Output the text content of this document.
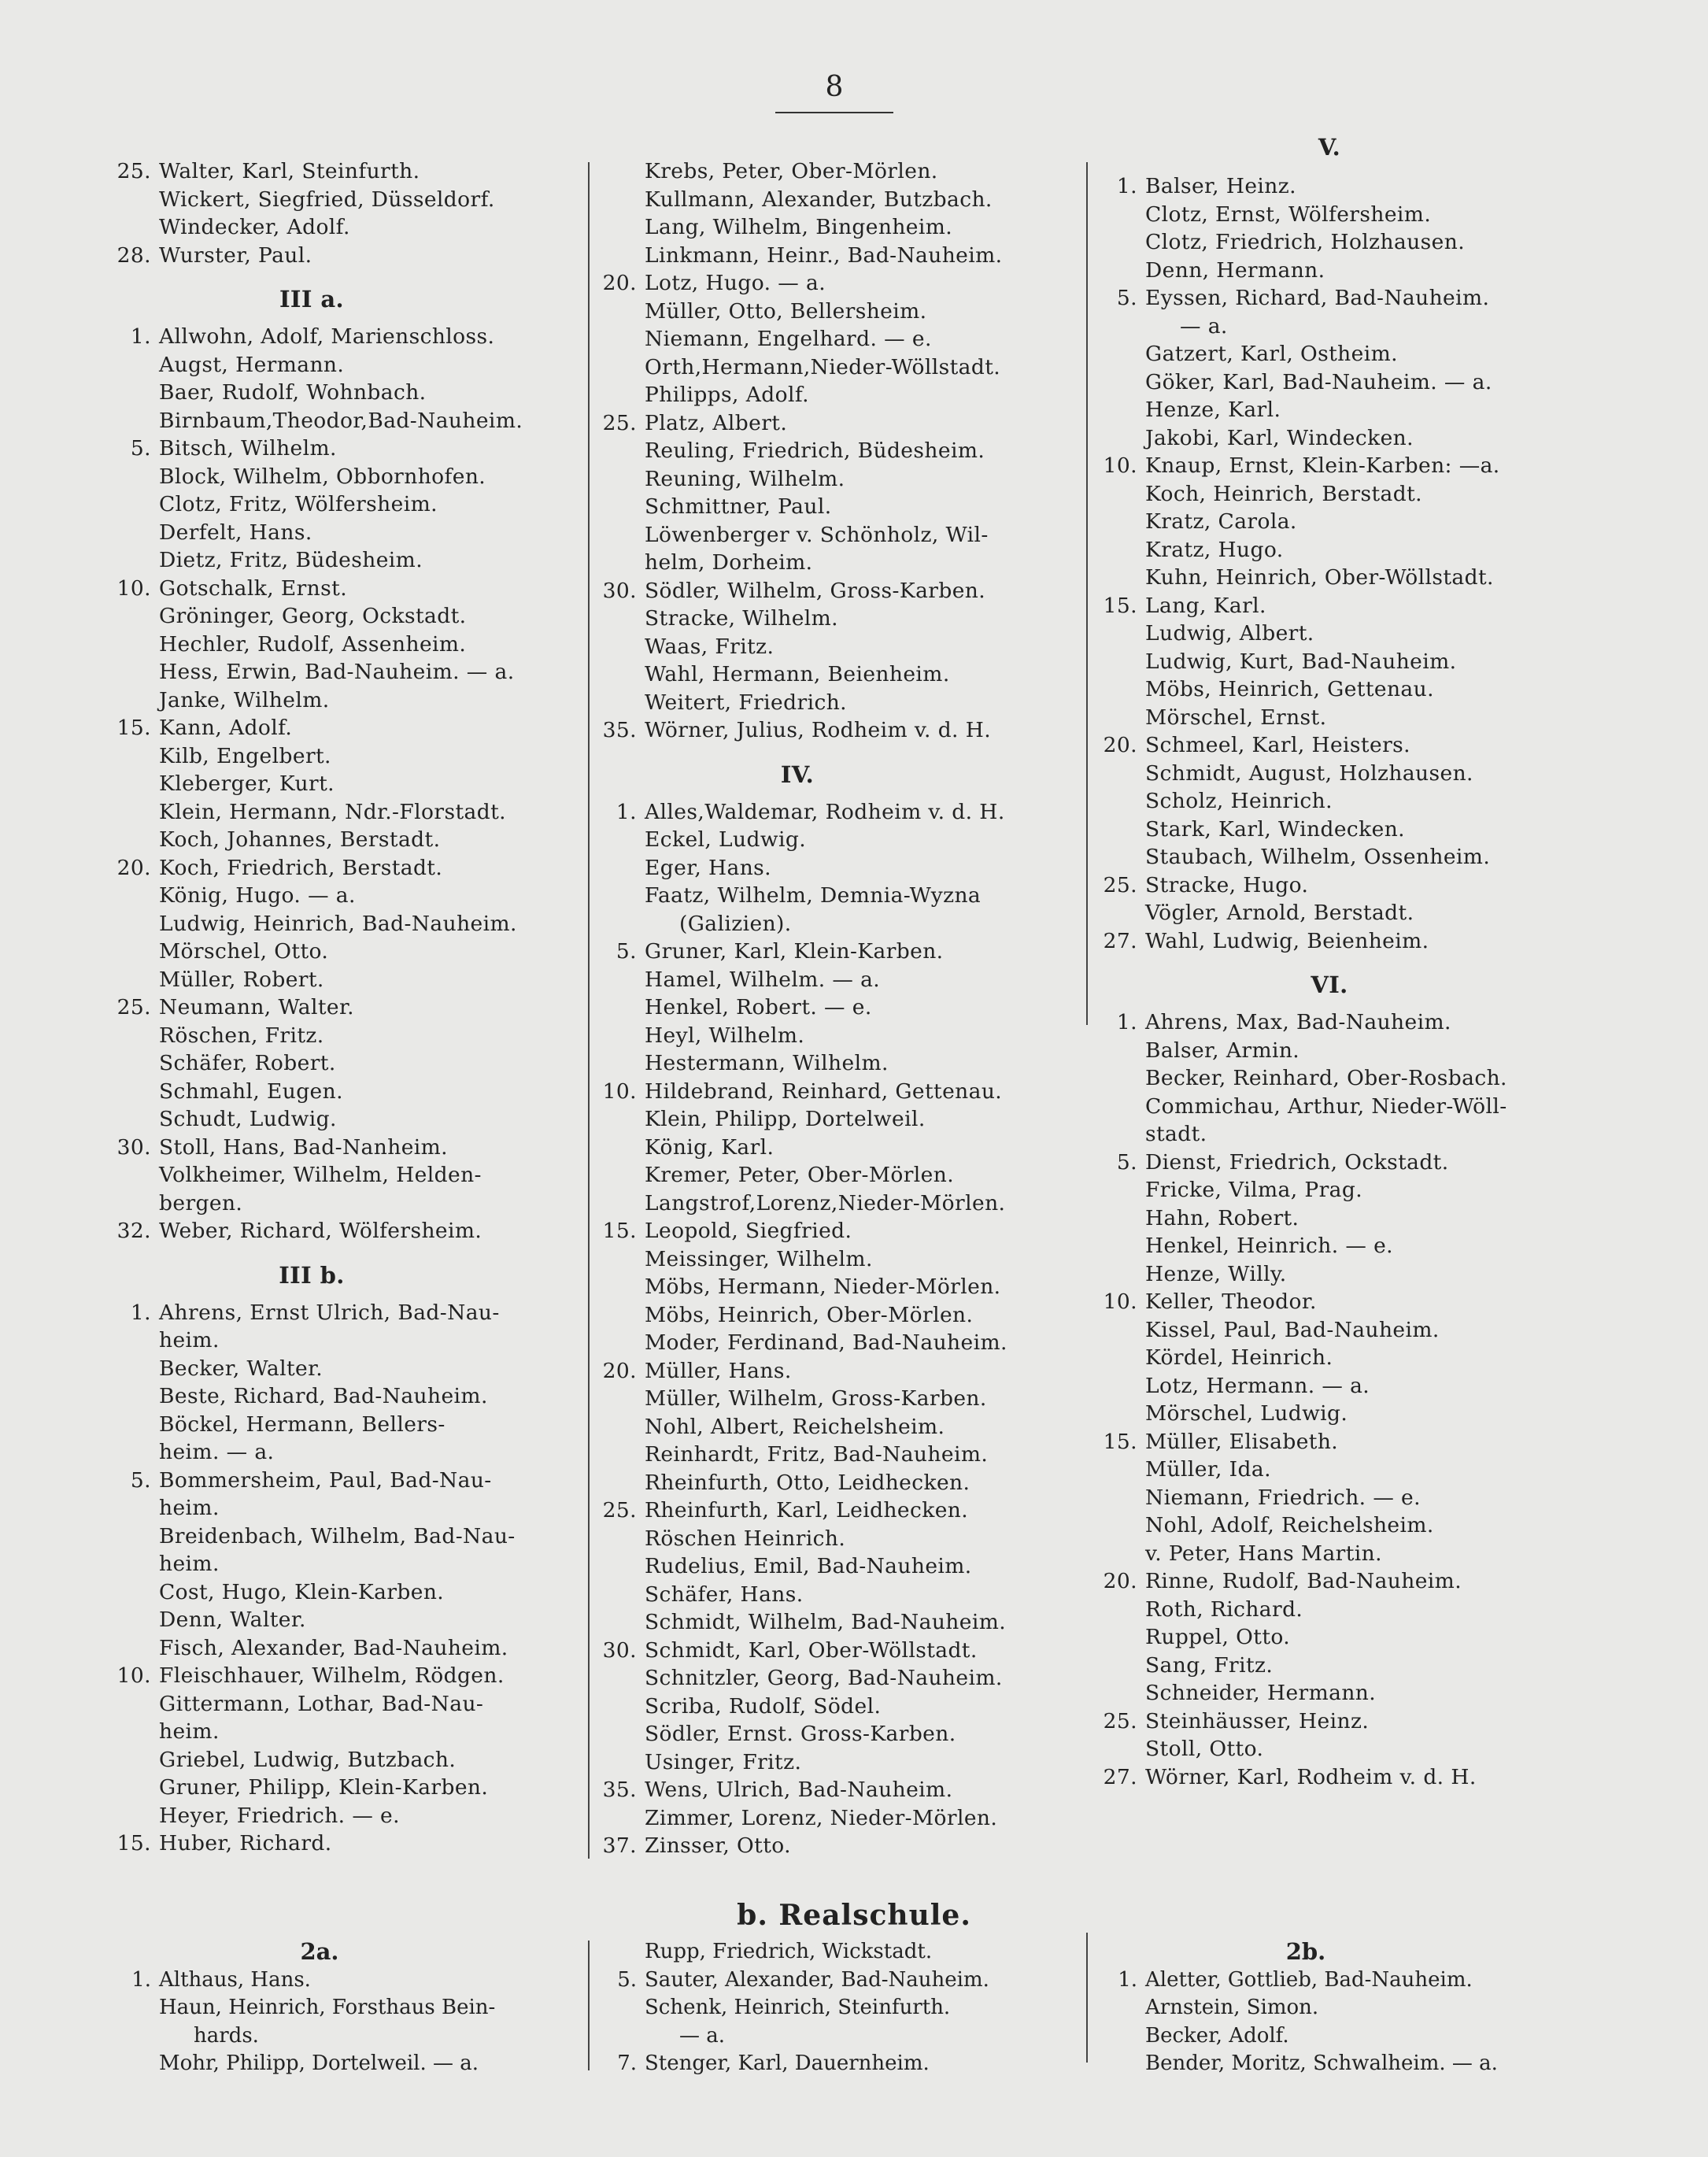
8
25. Walter, Karl, Steinfurth.
Wickert, Siegfried, Düsseldorf.
Windecker, Adolf.
28. Wurster, Paul.
III a.
1. Allwohn, Adolf, Marienschloss.
Augst, Hermann.
Baer, Rudolf, Wohnbach.
Birnbaum,Theodor,Bad-Nauheim.
5. Bitsch, Wilhelm.
Block, Wilhelm, Obbornhofen.
Clotz, Fritz, Wölfersheim.
Derfelt, Hans.
Dietz, Fritz, Büdesheim.
10. Gotschalk, Ernst.
Gröninger, Georg, Ockstadt.
Hechler, Rudolf, Assenheim.
Hess, Erwin, Bad-Nauheim. — a.
Janke, Wilhelm.
15. Kann, Adolf.
Kilb, Engelbert.
Kleberger, Kurt.
Klein, Hermann, Ndr.-Florstadt.
Koch, Johannes, Berstadt.
20. Koch, Friedrich, Berstadt.
König, Hugo. — a.
Ludwig, Heinrich, Bad-Nauheim.
Mörschel, Otto.
Müller, Robert.
25. Neumann, Walter.
Röschen, Fritz.
Schäfer, Robert.
Schmahl, Eugen.
Schudt, Ludwig.
30. Stoll, Hans, Bad-Nanheim.
Volkheimer, Wilhelm, Helden-
bergen.
32. Weber, Richard, Wölfersheim.
III b.
1. Ahrens, Ernst Ulrich, Bad-Nau-
heim.
Becker, Walter.
Beste, Richard, Bad-Nauheim.
Böckel, Hermann, Bellers-
heim. — a.
5. Bommersheim, Paul, Bad-Nau-
heim.
Breidenbach, Wilhelm, Bad-Nau-
heim.
Cost, Hugo, Klein-Karben.
Denn, Walter.
Fisch, Alexander, Bad-Nauheim.
10. Fleischhauer, Wilhelm, Rödgen.
Gittermann, Lothar, Bad-Nau-
heim.
Griebel, Ludwig, Butzbach.
Gruner, Philipp, Klein-Karben.
Heyer, Friedrich. — e.
15. Huber, Richard.
Krebs, Peter, Ober-Mörlen.
Kullmann, Alexander, Butzbach.
Lang, Wilhelm, Bingenheim.
Linkmann, Heinr., Bad-Nauheim.
20. Lotz, Hugo. — a.
Müller, Otto, Bellersheim.
Niemann, Engelhard. — e.
Orth,Hermann,Nieder-Wöllstadt.
Philipps, Adolf.
25. Platz, Albert.
Reuling, Friedrich, Büdesheim.
Reuning, Wilhelm.
Schmittner, Paul.
Löwenberger v. Schönholz, Wil-
helm, Dorheim.
30. Södler, Wilhelm, Gross-Karben.
Stracke, Wilhelm.
Waas, Fritz.
Wahl, Hermann, Beienheim.
Weitert, Friedrich.
35. Wörner, Julius, Rodheim v. d. H.
IV.
1. Alles,Waldemar, Rodheim v. d. H.
Eckel, Ludwig.
Eger, Hans.
Faatz, Wilhelm, Demnia-Wyzna
(Galizien).
5. Gruner, Karl, Klein-Karben.
Hamel, Wilhelm. — a.
Henkel, Robert. — e.
Heyl, Wilhelm.
Hestermann, Wilhelm.
10. Hildebrand, Reinhard, Gettenau.
Klein, Philipp, Dortelweil.
König, Karl.
Kremer, Peter, Ober-Mörlen.
Langstrof,Lorenz,Nieder-Mörlen.
15. Leopold, Siegfried.
Meissinger, Wilhelm.
Möbs, Hermann, Nieder-Mörlen.
Möbs, Heinrich, Ober-Mörlen.
Moder, Ferdinand, Bad-Nauheim.
20. Müller, Hans.
Müller, Wilhelm, Gross-Karben.
Nohl, Albert, Reichelsheim.
Reinhardt, Fritz, Bad-Nauheim.
Rheinfurth, Otto, Leidhecken.
25. Rheinfurth, Karl, Leidhecken.
Röschen Heinrich.
Rudelius, Emil, Bad-Nauheim.
Schäfer, Hans.
Schmidt, Wilhelm, Bad-Nauheim.
30. Schmidt, Karl, Ober-Wöllstadt.
Schnitzler, Georg, Bad-Nauheim.
Scriba, Rudolf, Södel.
Södler, Ernst. Gross-Karben.
Usinger, Fritz.
35. Wens, Ulrich, Bad-Nauheim.
Zimmer, Lorenz, Nieder-Mörlen.
37. Zinsser, Otto.
V.
1. Balser, Heinz.
Clotz, Ernst, Wölfersheim.
Clotz, Friedrich, Holzhausen.
Denn, Hermann.
5. Eyssen, Richard, Bad-Nauheim.
— a.
Gatzert, Karl, Ostheim.
Göker, Karl, Bad-Nauheim. — a.
Henze, Karl.
Jakobi, Karl, Windecken.
10. Knaup, Ernst, Klein-Karben: —a.
Koch, Heinrich, Berstadt.
Kratz, Carola.
Kratz, Hugo.
Kuhn, Heinrich, Ober-Wöllstadt.
15. Lang, Karl.
Ludwig, Albert.
Ludwig, Kurt, Bad-Nauheim.
Möbs, Heinrich, Gettenau.
Mörschel, Ernst.
20. Schmeel, Karl, Heisters.
Schmidt, August, Holzhausen.
Scholz, Heinrich.
Stark, Karl, Windecken.
Staubach, Wilhelm, Ossenheim.
25. Stracke, Hugo.
Vögler, Arnold, Berstadt.
27. Wahl, Ludwig, Beienheim.
VI.
1. Ahrens, Max, Bad-Nauheim.
Balser, Armin.
Becker, Reinhard, Ober-Rosbach.
Commichau, Arthur, Nieder-Wöll-
stadt.
5. Dienst, Friedrich, Ockstadt.
Fricke, Vilma, Prag.
Hahn, Robert.
Henkel, Heinrich. — e.
Henze, Willy.
10. Keller, Theodor.
Kissel, Paul, Bad-Nauheim.
Kördel, Heinrich.
Lotz, Hermann. — a.
Mörschel, Ludwig.
15. Müller, Elisabeth.
Müller, Ida.
Niemann, Friedrich. — e.
Nohl, Adolf, Reichelsheim.
v. Peter, Hans Martin.
20. Rinne, Rudolf, Bad-Nauheim.
Roth, Richard.
Ruppel, Otto.
Sang, Fritz.
Schneider, Hermann.
25. Steinhäusser, Heinz.
Stoll, Otto.
27. Wörner, Karl, Rodheim v. d. H.
b. Realschule.
2a.
1. Althaus, Hans.
Haun, Heinrich, Forsthaus Bein-
hards.
Mohr, Philipp, Dortelweil. — a.
Rupp, Friedrich, Wickstadt.
5. Sauter, Alexander, Bad-Nauheim.
Schenk, Heinrich, Steinfurth.
— a.
7. Stenger, Karl, Dauernheim.
2b.
1. Aletter, Gottlieb, Bad-Nauheim.
Arnstein, Simon.
Becker, Adolf.
Bender, Moritz, Schwalheim. — a.
